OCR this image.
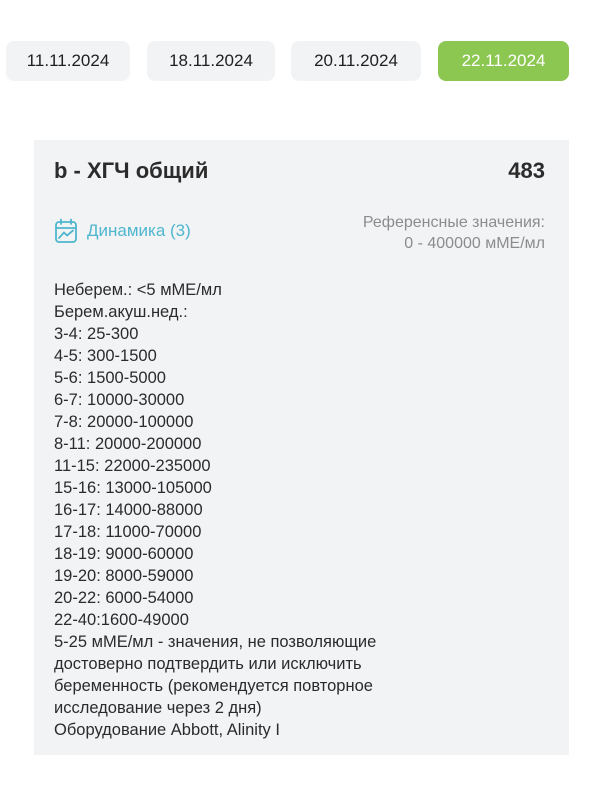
11.11.2024	18.11.2024	20.11.2024	22.11.2024
b - ХГЧ общий	483
Динамика (3)	Референсные значения:
0 - 400000 мМЕ/мл
Неберем.: <5 мМЕ/мл
Берем.акуш.нед.:
3-4: 25-300
4-5: 300-1500
5-6: 1500-5000
6-7: 10000-30000
7-8: 20000-100000
8-11: 20000-200000
11-15: 22000-235000
15-16: 13000-105000
16-17: 14000-88000
17-18: 11000-70000
18-19: 9000-60000
19-20: 8000-59000
20-22: 6000-54000
22-40:1600-49000
5-25 мМЕ/мл - значения, не позволяющие
достоверно подтвердить или исключить
беременность (рекомендуется повторное
исследование через 2 дня)
Оборудование Abbott, Alinity I
